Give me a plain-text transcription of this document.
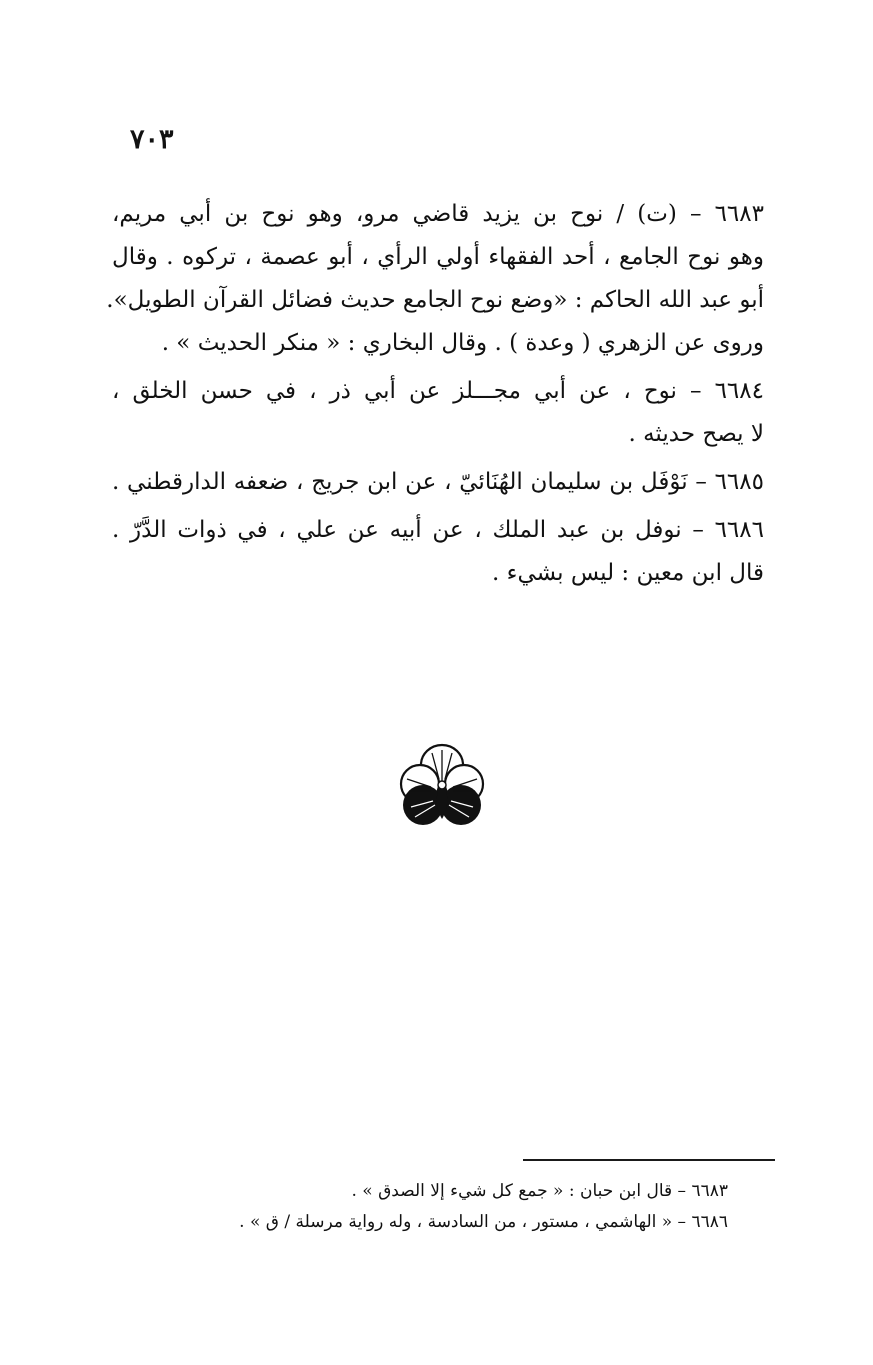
٧٠٣
٦٦٨٣ – (ت) / نوح بن يزيد قاضي مرو، وهو نوح بن أبي مريم،
وهو نوح الجامع ، أحد الفقهاء أولي الرأي ، أبو عصمة ، تركوه . وقال
أبو عبد الله الحاكم : «وضع نوح الجامع حديث فضائل القرآن الطويل».
وروى عن الزهري ( وعدة ) . وقال البخاري : « منكر الحديث » .
٦٦٨٤ – نوح ، عن أبي مجـــلز عن أبي ذر ، في حسن الخلق ،
لا يصح حديثه .
٦٦٨٥ – نَوْفَل بن سليمان الهُنَائيّ ، عن ابن جريج ، ضعفه الدارقطني .
٦٦٨٦ – نوفل بن عبد الملك ، عن أبيه عن علي ، في ذوات الدَّرّ .
قال ابن معين : ليس بشيء .
٦٦٨٣ – قال ابن حبان : « جمع كل شيء إلا الصدق » .
٦٦٨٦ – « الهاشمي ، مستور ، من السادسة ، وله رواية مرسلة / ق » .
